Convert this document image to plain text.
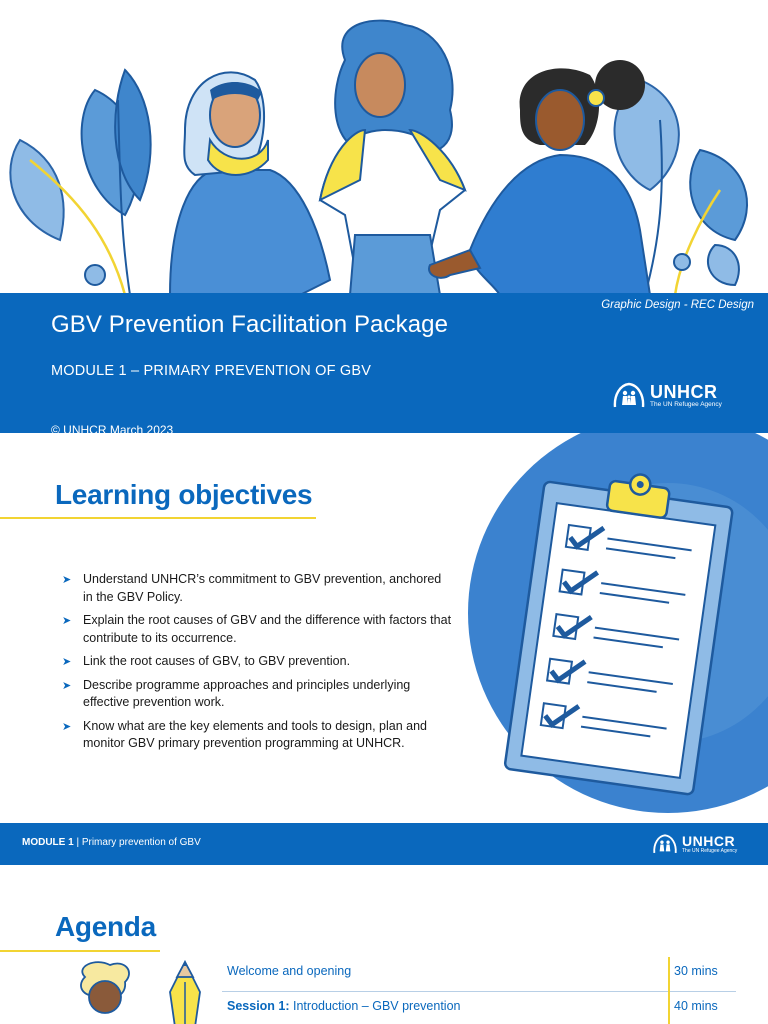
GBV Prevention Facilitation Package
Graphic Design - REC Design
MODULE 1 – PRIMARY PREVENTION OF GBV
© UNHCR March 2023
UNHCR
The UN Refugee Agency
Learning objectives
➤ Understand UNHCR’s commitment to GBV prevention, anchored in the GBV Policy.
➤ Explain the root causes of GBV and the difference with factors that contribute to its occurrence.
➤ Link the root causes of GBV, to GBV prevention.
➤ Describe programme approaches and principles underlying effective prevention work.
➤ Know what are the key elements and tools to design, plan and monitor GBV primary prevention programming at UNHCR.
MODULE 1 | Primary prevention of GBV	UNHCR
The UN Refugee Agency
Agenda
Welcome and opening	30 mins
Session 1: Introduction – GBV prevention	40 mins
